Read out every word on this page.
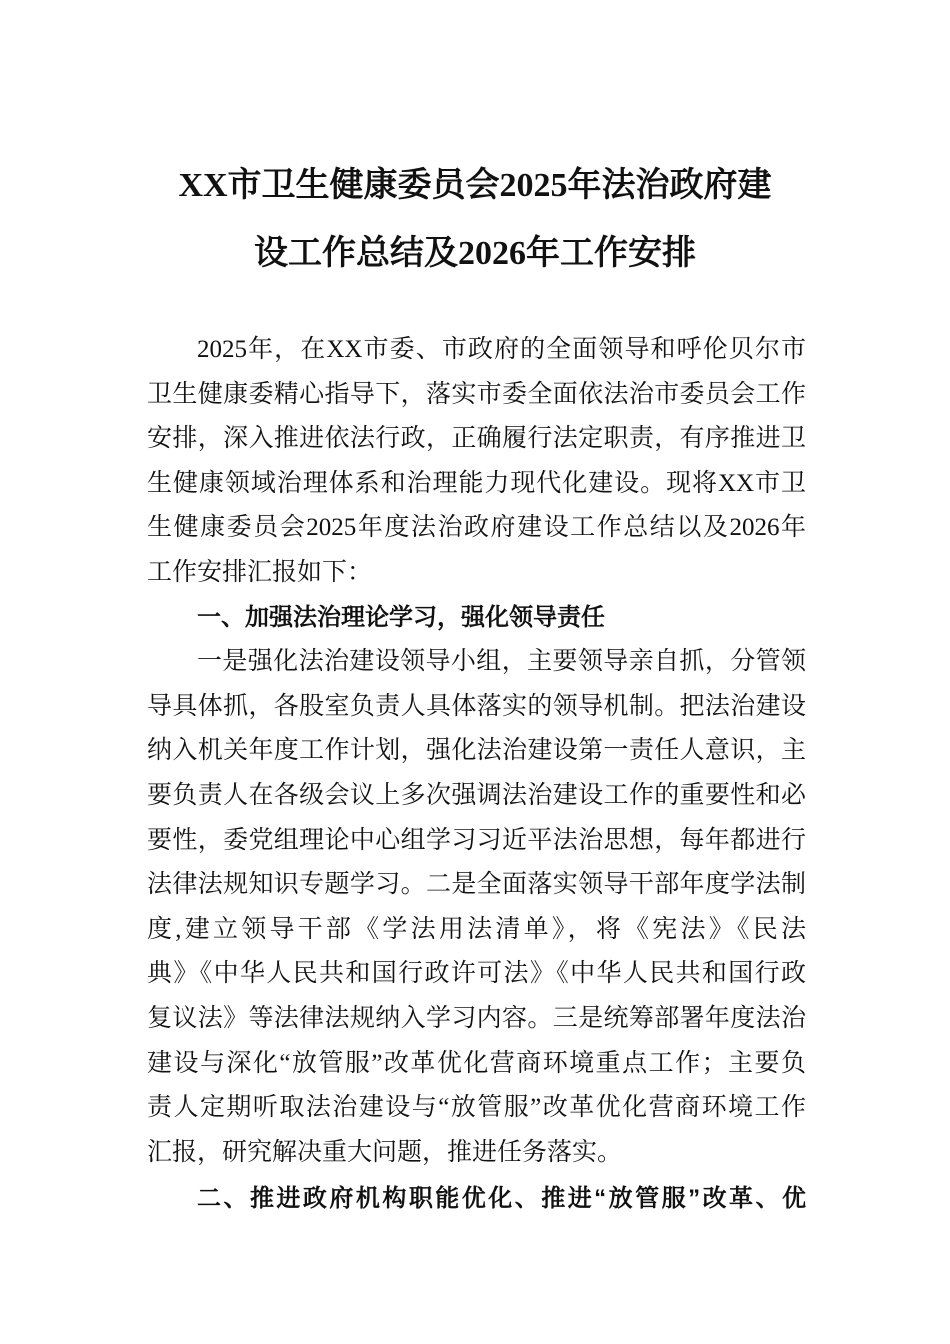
XX市卫生健康委员会2025年法治政府建
设工作总结及2026年工作安排
2025年，在XX市委、市政府的全面领导和呼伦贝尔市
卫生健康委精心指导下，落实市委全面依法治市委员会工作
安排，深入推进依法行政，正确履行法定职责，有序推进卫
生健康领域治理体系和治理能力现代化建设。现将XX市卫
生健康委员会2025年度法治政府建设工作总结以及2026年
工作安排汇报如下：
一、加强法治理论学习，强化领导责任
一是强化法治建设领导小组，主要领导亲自抓，分管领
导具体抓，各股室负责人具体落实的领导机制。把法治建设
纳入机关年度工作计划，强化法治建设第一责任人意识，主
要负责人在各级会议上多次强调法治建设工作的重要性和必
要性，委党组理论中心组学习习近平法治思想，每年都进行
法律法规知识专题学习。二是全面落实领导干部年度学法制
度,建立领导干部《学法用法清单》，将《宪法》《民法
典》《中华人民共和国行政许可法》《中华人民共和国行政
复议法》等法律法规纳入学习内容。三是统筹部署年度法治
建设与深化“放管服”改革优化营商环境重点工作；主要负
责人定期听取法治建设与“放管服”改革优化营商环境工作
汇报，研究解决重大问题，推进任务落实。
二、推进政府机构职能优化、推进“放管服”改革、优
